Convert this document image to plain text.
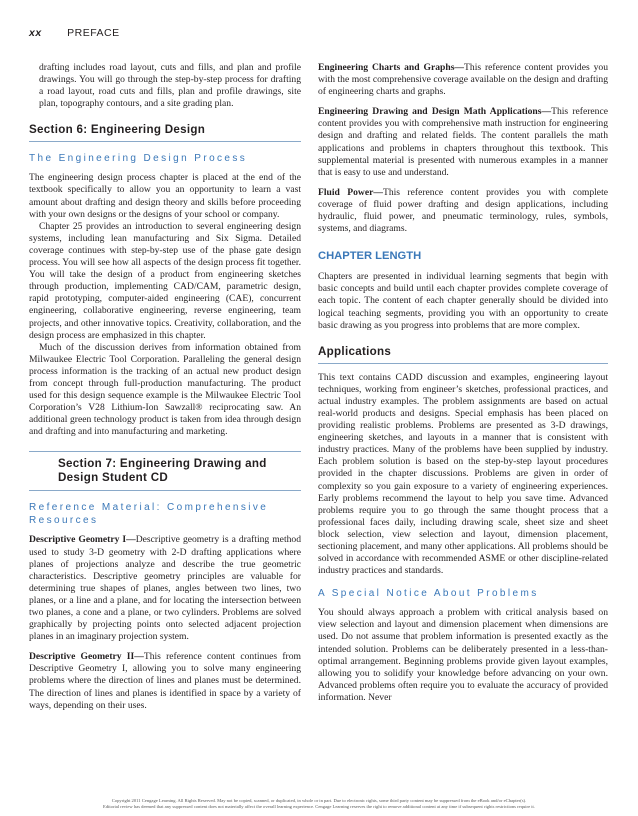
xx PREFACE

drafting includes road layout, cuts and fills, and plan and profile drawings. You will go through the step-by-step process for drafting a road layout, road cuts and fills, plan and profile drawings, site plan, topography contours, and a site grading plan.

Section 6: Engineering Design
The Engineering Design Process

The engineering design process chapter is placed at the end of the textbook specifically to allow you an opportunity to learn a vast amount about drafting and design theory and skills before proceeding with your own designs or the designs of your school or company.

Chapter 25 provides an introduction to several engineering design systems, including lean manufacturing and Six Sigma. Detailed coverage continues with step-by-step use of the phase gate design process. You will see how all aspects of the design process fit together. You will take the design of a product from engineering sketches through production, implementing CAD/CAM, parametric design, rapid prototyping, computer-aided engineering (CAE), concurrent engineering, collaborative engineering, reverse engineering, team projects, and other innovative topics. Creativity, collaboration, and the design process are emphasized in this chapter.

Much of the discussion derives from information obtained from Milwaukee Electric Tool Corporation. Paralleling the general design process information is the tracking of an actual new product design from concept through full-production manufacturing. The product used for this design sequence example is the Milwaukee Electric Tool Corporation’s V28 Lithium-Ion Sawzall® reciprocating saw. An additional green technology product is taken from idea through design and drafting and into manufacturing and marketing.

Section 7: Engineering Drawing and Design Student CD
Reference Material: Comprehensive Resources

Descriptive Geometry I—Descriptive geometry is a drafting method used to study 3-D geometry with 2-D drafting applications where planes of projections analyze and describe the true geometric characteristics. Descriptive geometry principles are valuable for determining true shapes of planes, angles between two lines, two planes, or a line and a plane, and for locating the intersection between two planes, a cone and a plane, or two cylinders. Problems are solved graphically by projecting points onto selected adjacent projection planes in an imaginary projection system.

Descriptive Geometry II—This reference content continues from Descriptive Geometry I, allowing you to solve many engineering problems where the direction of lines and planes must be determined. The direction of lines and planes is identified in space by a variety of ways, depending on their uses.

Engineering Charts and Graphs—This reference content provides you with the most comprehensive coverage available on the design and drafting of engineering charts and graphs.

Engineering Drawing and Design Math Applications—This reference content provides you with comprehensive math instruction for engineering design and drafting and related fields. The content parallels the math applications and problems in chapters throughout this textbook. This supplemental material is presented with numerous examples in a manner that is easy to use and understand.

Fluid Power—This reference content provides you with complete coverage of fluid power drafting and design applications, including hydraulic, fluid power, and pneumatic terminology, rules, symbols, systems, and diagrams.

CHAPTER LENGTH

Chapters are presented in individual learning segments that begin with basic concepts and build until each chapter provides complete coverage of each topic. The content of each chapter generally should be divided into logical teaching segments, providing you with an opportunity to create basic drawing as you progress into problems that are more complex.

Applications

This text contains CADD discussion and examples, engineering layout techniques, working from engineer’s sketches, professional practices, and actual industry examples. The problem assignments are based on actual real-world products and designs. Special emphasis has been placed on providing realistic problems. Problems are presented as 3-D drawings, engineering sketches, and layouts in a manner that is consistent with industry practices. Many of the problems have been supplied by industry. Each problem solution is based on the step-by-step layout procedures provided in the chapter discussions. Problems are given in order of complexity so you gain exposure to a variety of engineering experiences. Early problems recommend the layout to help you save time. Advanced problems require you to go through the same thought process that a professional faces daily, including drawing scale, sheet size and sheet block selection, view selection and layout, dimension placement, sectioning placement, and many other applications. All problems should be solved in accordance with recommended ASME or other discipline-related industry practices and standards.

A Special Notice About Problems

You should always approach a problem with critical analysis based on view selection and layout and dimension placement when dimensions are used. Do not assume that problem information is presented exactly as the intended solution. Problems can be deliberately presented in a less-than-optimal arrangement. Beginning problems provide given layout examples, allowing you to solidify your knowledge before advancing on your own. Advanced problems often require you to evaluate the accuracy of provided information. Never

Copyright 2011 Cengage Learning. All Rights Reserved. May not be copied, scanned, or duplicated, in whole or in part. Due to electronic rights, some third party content may be suppressed from the eBook and/or eChapter(s).
Editorial review has deemed that any suppressed content does not materially affect the overall learning experience. Cengage Learning reserves the right to remove additional content at any time if subsequent rights restrictions require it.
